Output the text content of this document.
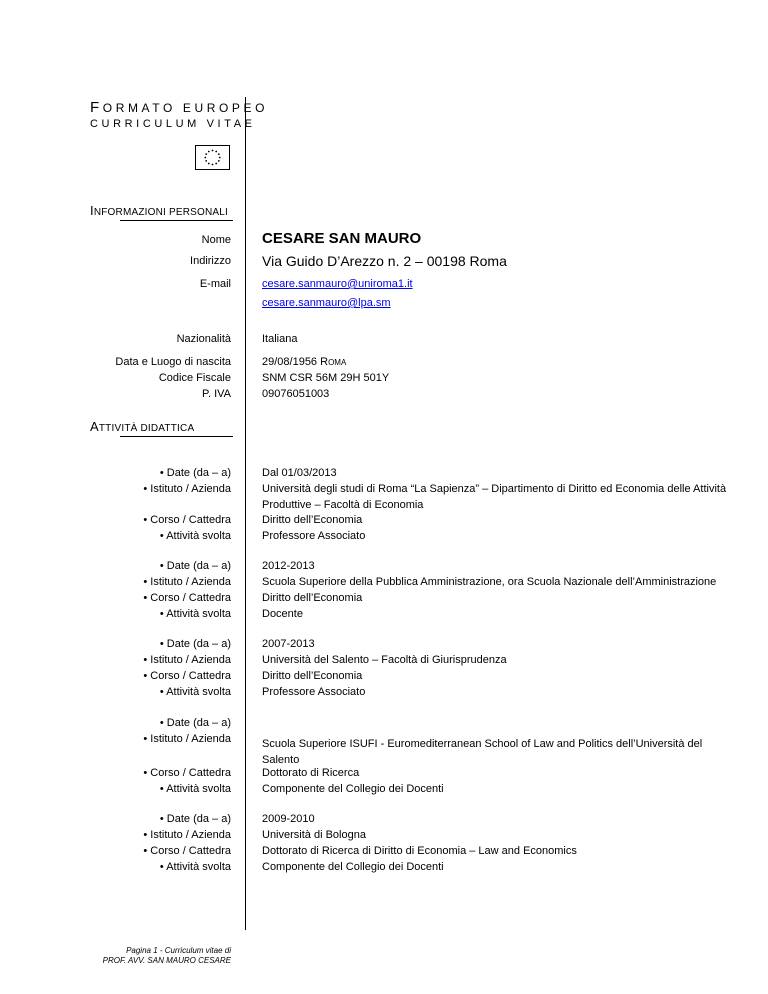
FORMATO EUROPEO
CURRICULUM VITAE
INFORMAZIONI PERSONALI
Nome CESARE SAN MAURO
Indirizzo Via Guido D’Arezzo n. 2 – 00198 Roma
E-mail	cesare.sanmauro@uniroma1.it
cesare.sanmauro@lpa.sm
Nazionalità	Italiana
Data e Luogo di nascita	29/08/1956 ROMA
Codice Fiscale	SNM CSR 56M 29H 501Y
P. IVA	09076051003
ATTIVITÀ DIDATTICA
• Date (da – a)	Dal 01/03/2013
• Istituto / Azienda	Università degli studi di Roma “La Sapienza” – Dipartimento di Diritto ed Economia delle Attività
Produttive – Facoltà di Economia
• Corso / Cattedra	Diritto dell’Economia
• Attività svolta	Professore Associato
• Date (da – a)	2012-2013
• Istituto / Azienda	Scuola Superiore della Pubblica Amministrazione, ora Scuola Nazionale dell’Amministrazione
• Corso / Cattedra	Diritto dell’Economia
• Attività svolta	Docente
• Date (da – a)	2007-2013
• Istituto / Azienda	Università del Salento – Facoltà di Giurisprudenza
• Corso / Cattedra	Diritto dell’Economia
• Attività svolta	Professore Associato
• Date (da – a)
• Istituto / Azienda	Scuola Superiore ISUFI - Euromediterranean School of Law and Politics dell’Università del
Salento
• Corso / Cattedra	Dottorato di Ricerca
• Attività svolta	Componente del Collegio dei Docenti
• Date (da – a)	2009-2010
• Istituto / Azienda	Università di Bologna
• Corso / Cattedra	Dottorato di Ricerca di Diritto di Economia – Law and Economics
• Attività svolta	Componente del Collegio dei Docenti
Pagina 1 - Curriculum vitae di
PROF. AVV. SAN MAURO CESARE
